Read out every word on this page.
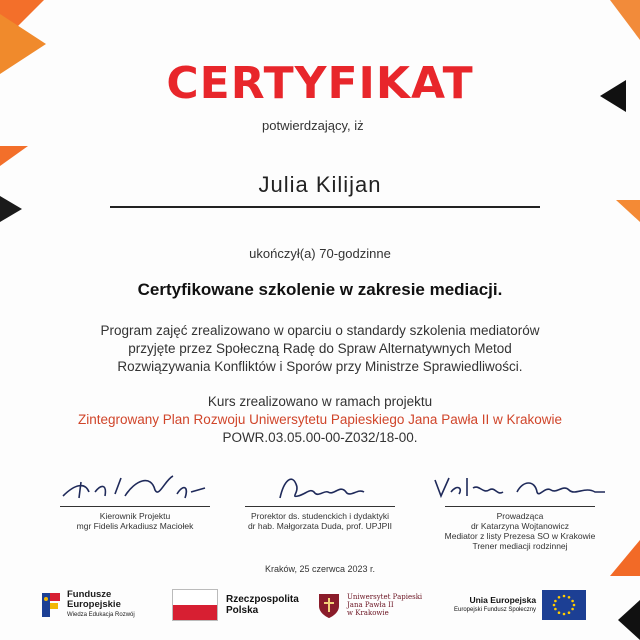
CERTYFIKAT
potwierdzający, iż
Julia Kilijan
ukończył(a) 70-godzinne
Certyfikowane szkolenie w zakresie mediacji.
Program zajęć zrealizowano w oparciu o standardy szkolenia mediatorów
przyjęte przez Społeczną Radę do Spraw Alternatywnych Metod
Rozwiązywania Konfliktów i Sporów przy Ministrze Sprawiedliwości.
Kurs zrealizowano w ramach projektu
Zintegrowany Plan Rozwoju Uniwersytetu Papieskiego Jana Pawła II w Krakowie
POWR.03.05.00-00-Z032/18-00.
Kierownik Projektu
mgr Fidelis Arkadiusz Maciołek
Prorektor ds. studenckich i dydaktyki
dr hab. Małgorzata Duda, prof. UPJPII
Prowadząca
dr Katarzyna Wojtanowicz
Mediator z listy Prezesa SO w Krakowie
Trener mediacji rodzinnej
Kraków, 25 czerwca 2023 r.
Fundusze
Europejskie
Wiedza Edukacja Rozwój
Rzeczpospolita
Polska
Uniwersytet Papieski
Jana Pawła II
w Krakowie
Unia Europejska
Europejski Fundusz Społeczny
